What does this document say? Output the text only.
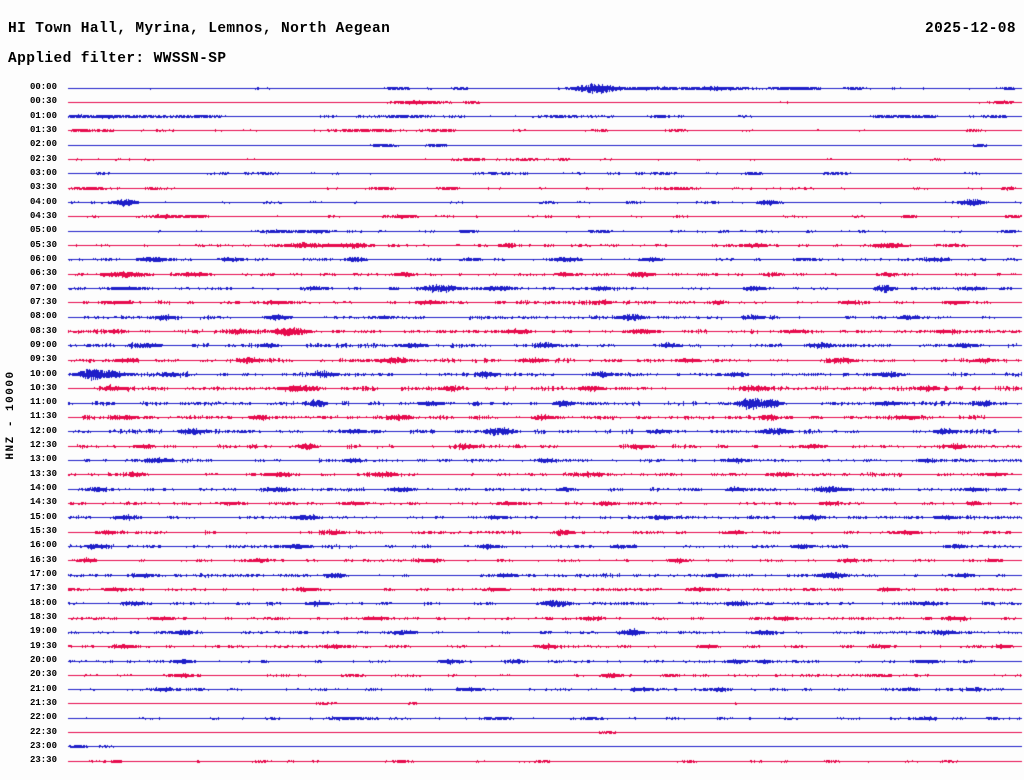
00:00
00:30
01:00
01:30
02:00
02:30
03:00
03:30
04:00
04:30
05:00
05:30
06:00
06:30
07:00
07:30
08:00
08:30
09:00
09:30
10:00
10:30
11:00
11:30
12:00
12:30
13:00
13:30
14:00
14:30
15:00
15:30
16:00
16:30
17:00
17:30
18:00
18:30
19:00
19:30
20:00
20:30
21:00
21:30
22:00
22:30
23:00
23:30
